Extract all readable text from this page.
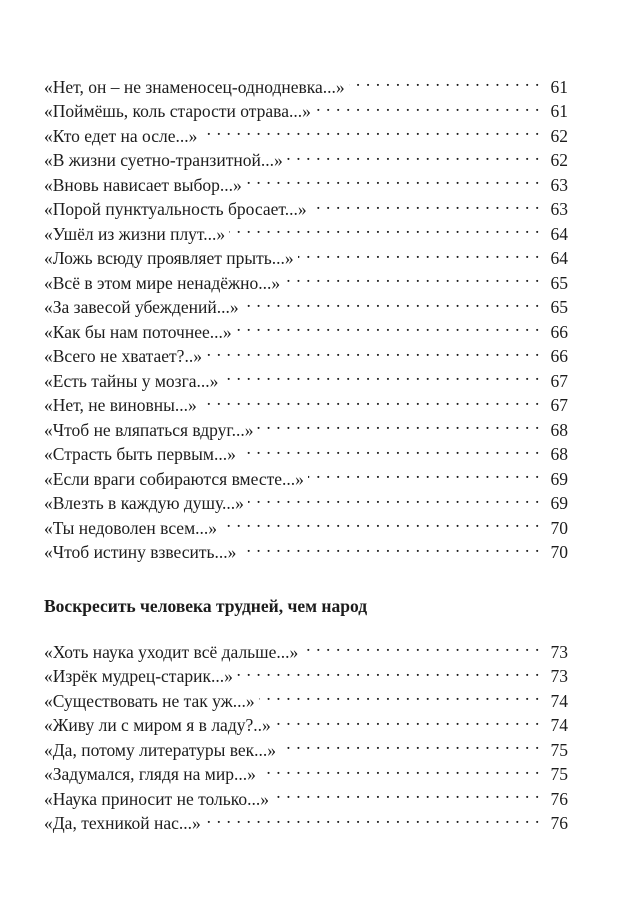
«Нет, он – не знаменосец-однодневка...» . . .	61
«Поймёшь, коль старости отрава...» . . .	61
«Кто едет на осле...» . . .	62
«В жизни суетно-транзитной...» . . .	62
«Вновь нависает выбор...» . . .	63
«Порой пунктуальность бросает...» . . .	63
«Ушёл из жизни плут...» . . .	64
«Ложь всюду проявляет прыть...» . . .	64
«Всё в этом мире ненадёжно...» . . .	65
«За завесой убеждений...» . . .	65
«Как бы нам поточнее...» . . .	66
«Всего не хватает?..» . . .	66
«Есть тайны у мозга...» . . .	67
«Нет, не виновны...» . . .	67
«Чтоб не вляпаться вдруг...» . . .	68
«Страсть быть первым...» . . .	68
«Если враги собираются вместе...» . . .	69
«Влезть в каждую душу...» . . .	69
«Ты недоволен всем...» . . .	70
«Чтоб истину взвесить...» . . .	70
Воскресить человека трудней, чем народ
«Хоть наука уходит всё дальше...» . . .	73
«Изрёк мудрец-старик...» . . .	73
«Существовать не так уж...» . . .	74
«Живу ли с миром я в ладу?..» . . .	74
«Да, потому литературы век...» . . .	75
«Задумался, глядя на мир...» . . .	75
«Наука приносит не только...» . . .	76
«Да, техникой нас...» . . .	76
